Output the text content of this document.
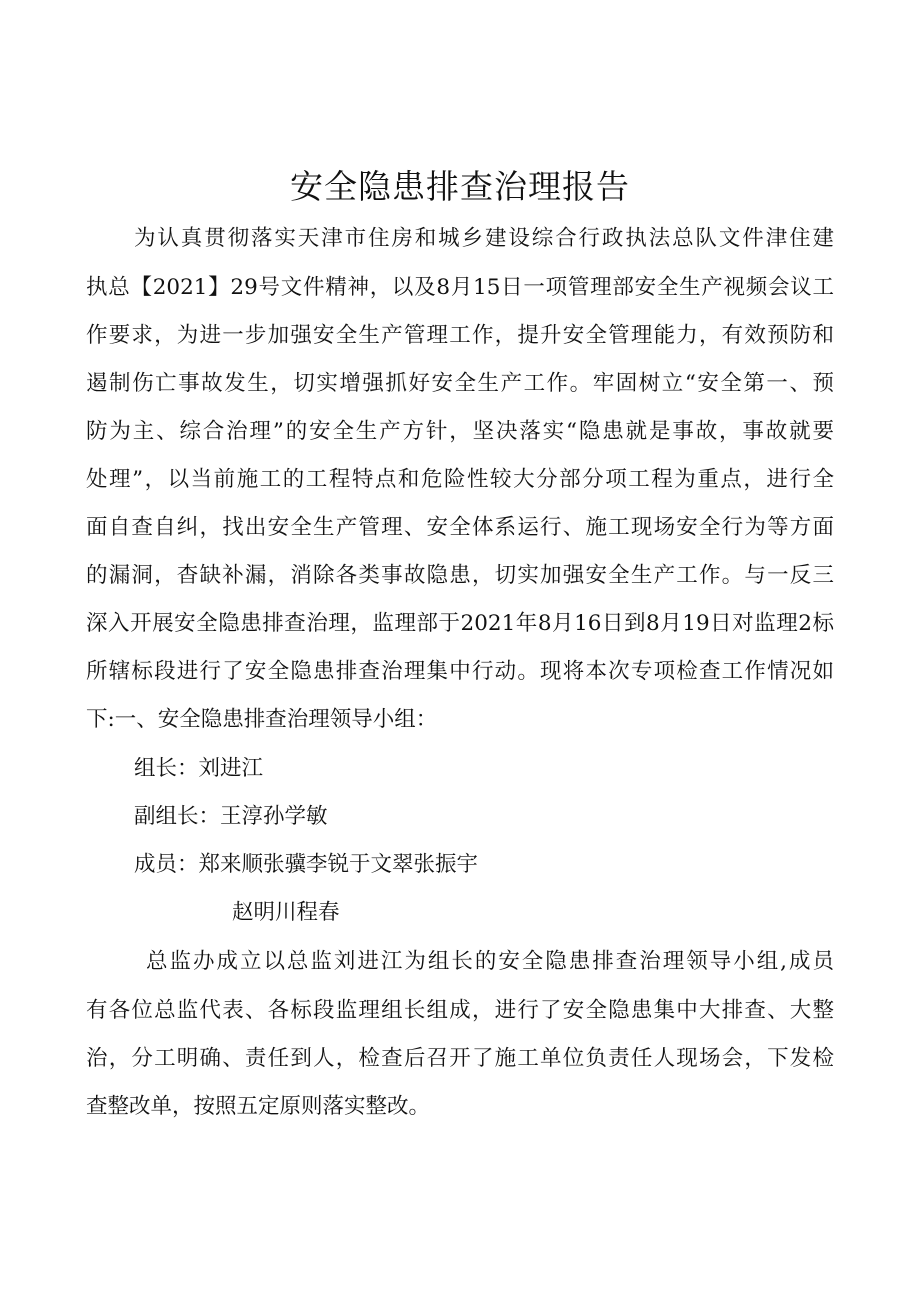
安全隐患排查治理报告
为认真贯彻落实天津市住房和城乡建设综合行政执法总队文件津住建
执总【2021】29号文件精神，以及8月15日一项管理部安全生产视频会议工
作要求，为进一步加强安全生产管理工作，提升安全管理能力，有效预防和
遏制伤亡事故发生，切实增强抓好安全生产工作。牢固树立“安全第一、预
防为主、综合治理”的安全生产方针，坚决落实“隐患就是事故，事故就要
处理”，以当前施工的工程特点和危险性较大分部分项工程为重点，进行全
面自查自纠，找出安全生产管理、安全体系运行、施工现场安全行为等方面
的漏洞，杳缺补漏，消除各类事故隐患，切实加强安全生产工作。与一反三
深入开展安全隐患排查治理，监理部于2021年8月16日到8月19日对监理2标
所辖标段进行了安全隐患排查治理集中行动。现将本次专项检查工作情况如
下:一、安全隐患排查治理领导小组：
组长：刘进江
副组长：王淳孙学敏
成员：郑来顺张骥李锐于文翠张振宇
赵明川程春
总监办成立以总监刘进江为组长的安全隐患排查治理领导小组,成员
有各位总监代表、各标段监理组长组成，进行了安全隐患集中大排查、大整
治，分工明确、责任到人，检查后召开了施工单位负责任人现场会，下发检
查整改单，按照五定原则落实整改。
